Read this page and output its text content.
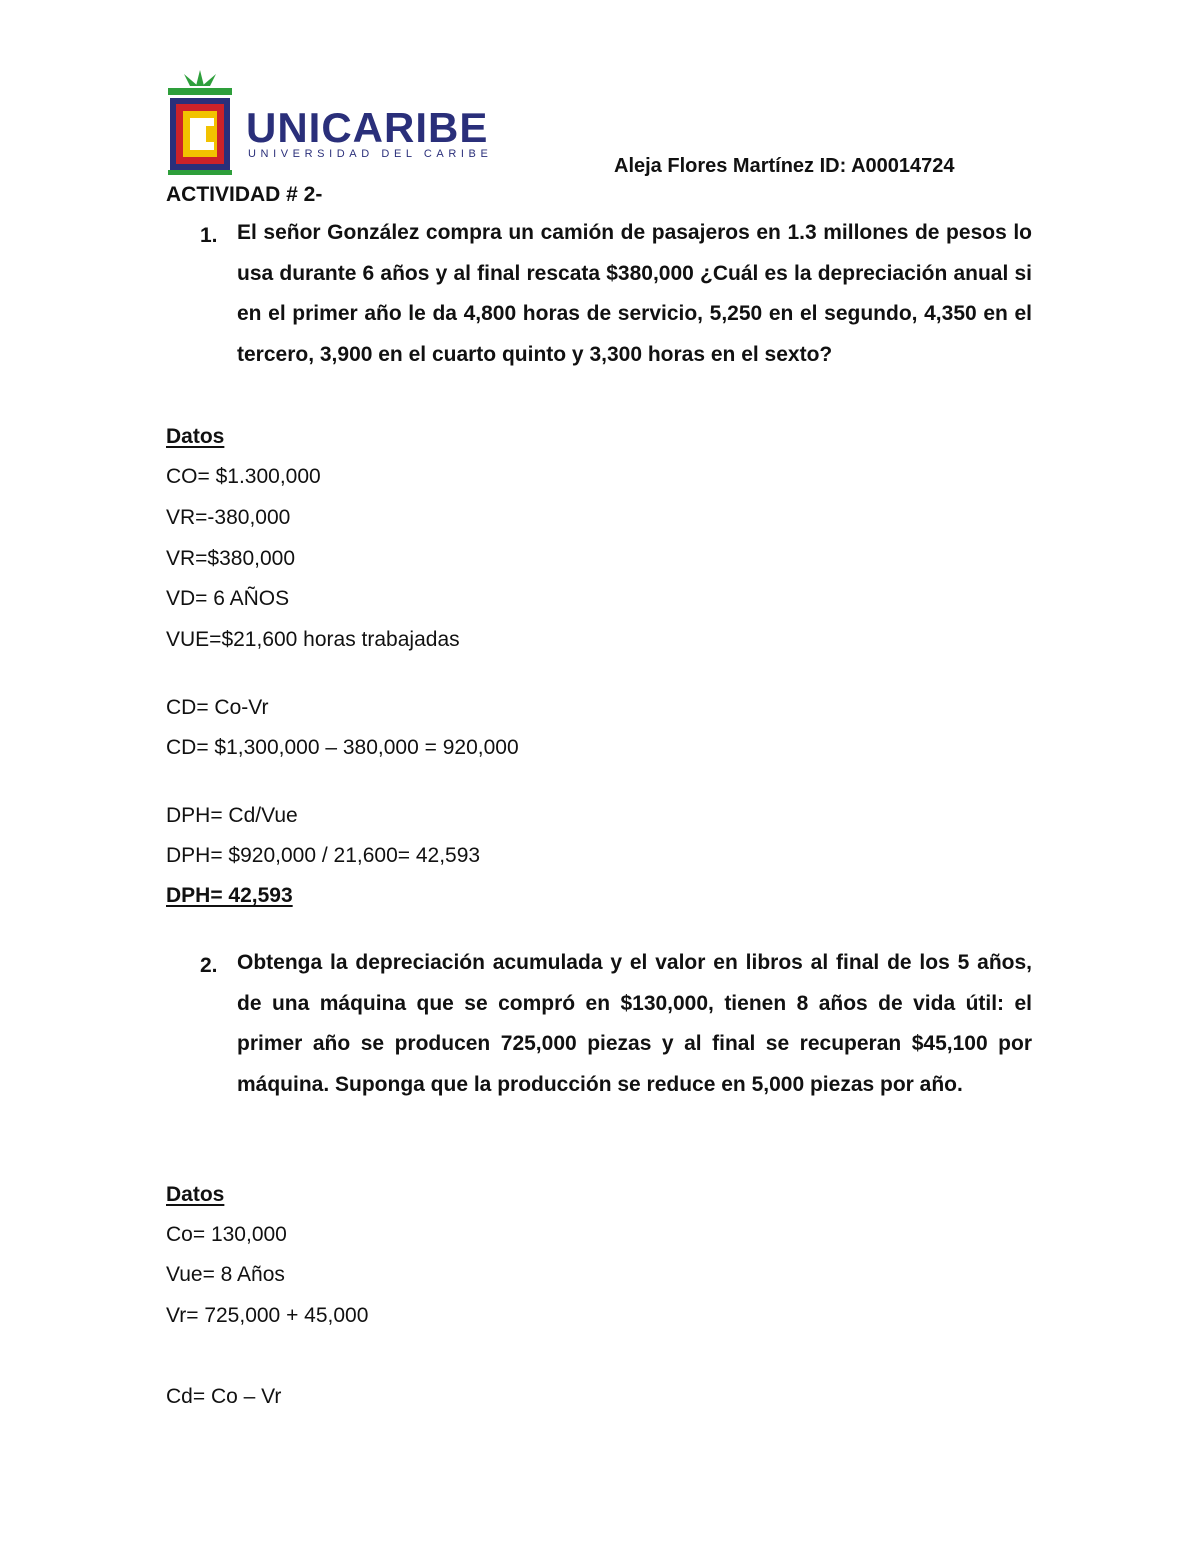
UNICARIBE
UNIVERSIDAD DEL CARIBE
Aleja Flores Martínez ID: A00014724
ACTIVIDAD # 2-
1. El señor González compra un camión de pasajeros en 1.3 millones de pesos lo usa durante 6 años y al final rescata $380,000 ¿Cuál es la depreciación anual si en el primer año le da 4,800 horas de servicio, 5,250 en el segundo, 4,350 en el tercero, 3,900 en el cuarto quinto y 3,300 horas en el sexto?
Datos
CO= $1.300,000
VR=-380,000
VR=$380,000
VD= 6 AÑOS
VUE=$21,600 horas trabajadas
CD= Co-Vr
CD= $1,300,000 – 380,000 = 920,000
DPH= Cd/Vue
DPH= $920,000 / 21,600= 42,593
DPH= 42,593
2. Obtenga la depreciación acumulada y el valor en libros al final de los 5 años, de una máquina que se compró en $130,000, tienen 8 años de vida útil: el primer año se producen 725,000 piezas y al final se recuperan $45,100 por máquina. Suponga que la producción se reduce en 5,000 piezas por año.
Datos
Co= 130,000
Vue= 8 Años
Vr= 725,000 + 45,000
Cd= Co – Vr
